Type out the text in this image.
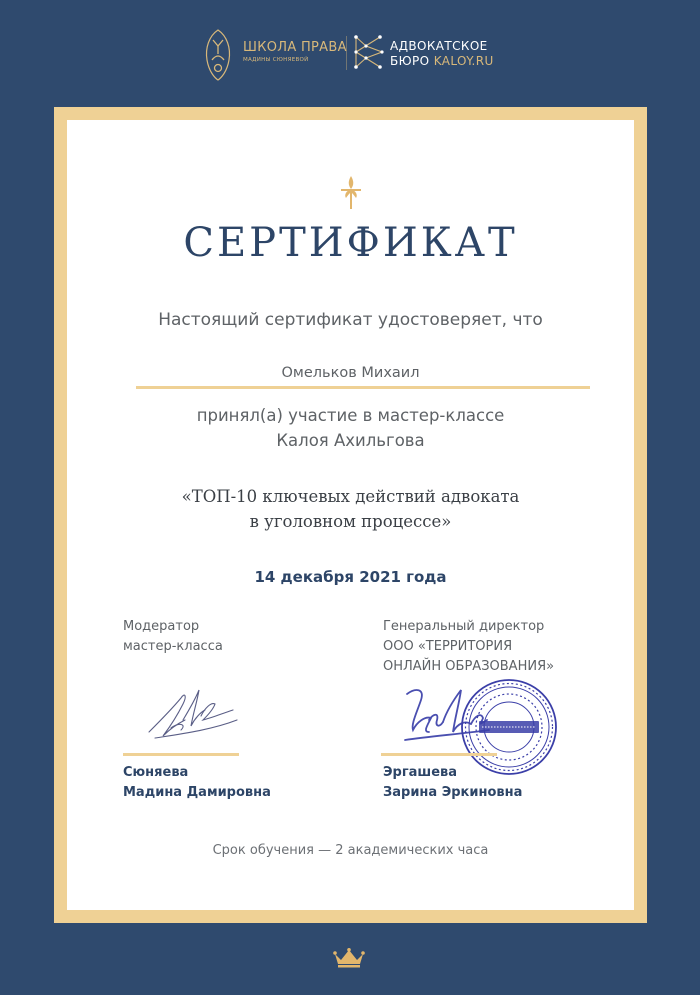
ШКОЛА ПРАВА
МАДИНЫ СЮНЯЕВОЙ
АДВОКАТСКОЕ
БЮРО KALOY.RU
СЕРТИФИКАТ
Настоящий сертификат удостоверяет, что
Омельков Михаил
принял(а) участие в мастер-классе
Калоя Ахильгова
«ТОП-10 ключевых действий адвоката
в уголовном процессе»
14 декабря 2021 года
Модератор
мастер-класса
Генеральный директор
ООО «ТЕРРИТОРИЯ
ОНЛАЙН ОБРАЗОВАНИЯ»
Сюняева
Мадина Дамировна
Эргашева
Зарина Эркиновна
Срок обучения — 2 академических часа
